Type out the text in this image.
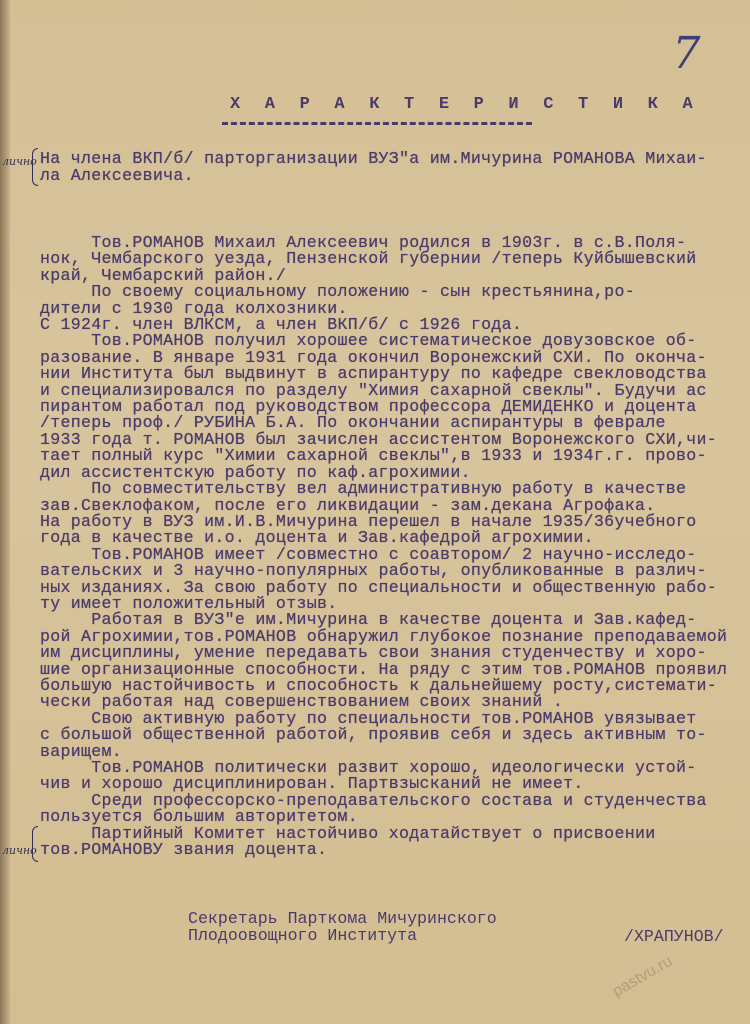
7
Х А Р А К Т Е Р И С Т И К А
лично
лично
На члена ВКП/б/ парторганизации ВУЗ"а им.Мичурина РОМАНОВА Михаи-
ла Алексеевича.
Тов.РОМАНОВ Михаил Алексеевич родился в 1903г. в с.В.Поля-
нок, Чембарского уезда, Пензенской губернии /теперь Куйбышевский
край, Чембарский район./
По своему социальному положению - сын крестьянина,ро-
дители с 1930 года колхозники.
С 1924г. член ВЛКСМ, а член ВКП/б/ с 1926 года.
Тов.РОМАНОВ получил хорошее систематическое довузовское об-
разование. В январе 1931 года окончил Воронежский СХИ. По оконча-
нии Института был выдвинут в аспирантуру по кафедре свекловодства
и специализировался по разделу "Химия сахарной свеклы". Будучи ас
пирантом работал под руководством профессора ДЕМИДЕНКО и доцента
/теперь проф./ РУБИНА Б.А. По окончании аспирантуры в феврале
1933 года т. РОМАНОВ был зачислен ассистентом Воронежского СХИ,чи-
тает полный курс "Химии сахарной свеклы",в 1933 и 1934г.г. прово-
дил ассистентскую работу по каф.агрохимии.
По совместительству вел административную работу в качестве
зав.Свеклофаком, после его ликвидации - зам.декана Агрофака.
На работу в ВУЗ им.И.В.Мичурина перешел в начале 1935/36учебного
года в качестве и.о. доцента и Зав.кафедрой агрохимии.
Тов.РОМАНОВ имеет /совместно с соавтором/ 2 научно-исследо-
вательских и 3 научно-популярных работы, опубликованные в различ-
ных изданиях. За свою работу по специальности и общественную рабо-
ту имеет положительный отзыв.
Работая в ВУЗ"е им.Мичурина в качестве доцента и Зав.кафед-
рой Агрохимии,тов.РОМАНОВ обнаружил глубокое познание преподаваемой
им дисциплины, умение передавать свои знания студенчеству и хоро-
шие организационные способности. На ряду с этим тов.РОМАНОВ проявил
большую настойчивость и способность к дальнейшему росту,системати-
чески работая над совершенствованием своих знаний .
Свою активную работу по специальности тов.РОМАНОВ увязывает
с большой общественной работой, проявив себя и здесь активным то-
варищем.
Тов.РОМАНОВ политически развит хорошо, идеологически устой-
чив и хорошо дисциплинирован. Партвзысканий не имеет.
Среди профессорско-преподавательского состава и студенчества
пользуется большим авторитетом.
Партийный Комитет настойчиво ходатайствует о присвоении
тов.РОМАНОВУ звания доцента.
Секретарь Парткома Мичуринского
Плодоовощного Института	/ХРАПУНОВ/
pastvu.ru
